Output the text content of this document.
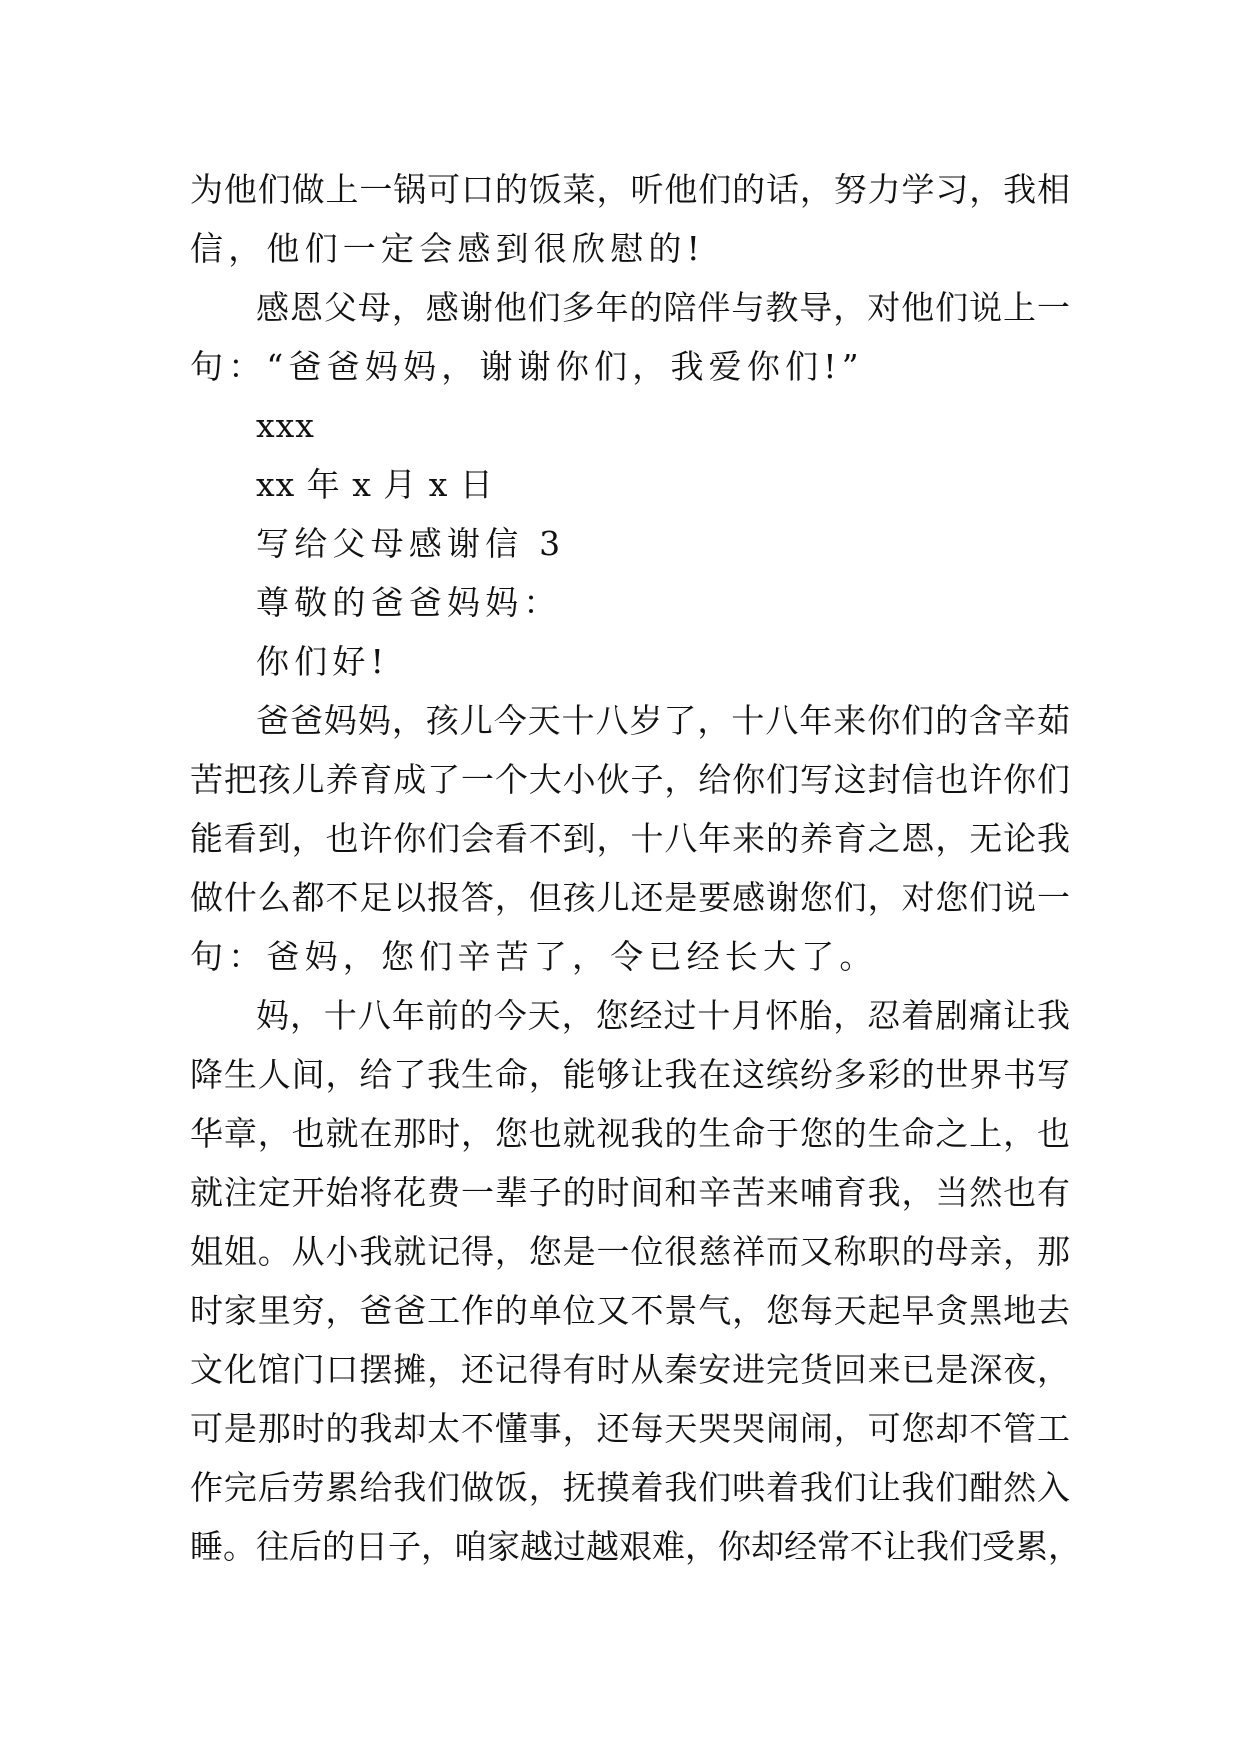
为他们做上一锅可口的饭菜，听他们的话，努力学习，我相
信，他们一定会感到很欣慰的!
感恩父母，感谢他们多年的陪伴与教导，对他们说上一
句：“爸爸妈妈，谢谢你们，我爱你们!”
xxx
xx 年 x 月 x 日
写给父母感谢信 3
尊敬的爸爸妈妈：
你们好!
爸爸妈妈，孩儿今天十八岁了，十八年来你们的含辛茹
苦把孩儿养育成了一个大小伙子，给你们写这封信也许你们
能看到，也许你们会看不到，十八年来的养育之恩，无论我
做什么都不足以报答，但孩儿还是要感谢您们，对您们说一
句：爸妈，您们辛苦了，令已经长大了。
妈，十八年前的今天，您经过十月怀胎，忍着剧痛让我
降生人间，给了我生命，能够让我在这缤纷多彩的世界书写
华章，也就在那时，您也就视我的生命于您的生命之上，也
就注定开始将花费一辈子的时间和辛苦来哺育我，当然也有
姐姐。从小我就记得，您是一位很慈祥而又称职的母亲，那
时家里穷，爸爸工作的单位又不景气，您每天起早贪黑地去
文化馆门口摆摊，还记得有时从秦安进完货回来已是深夜，
可是那时的我却太不懂事，还每天哭哭闹闹，可您却不管工
作完后劳累给我们做饭，抚摸着我们哄着我们让我们酣然入
睡。往后的日子，咱家越过越艰难，你却经常不让我们受累，
